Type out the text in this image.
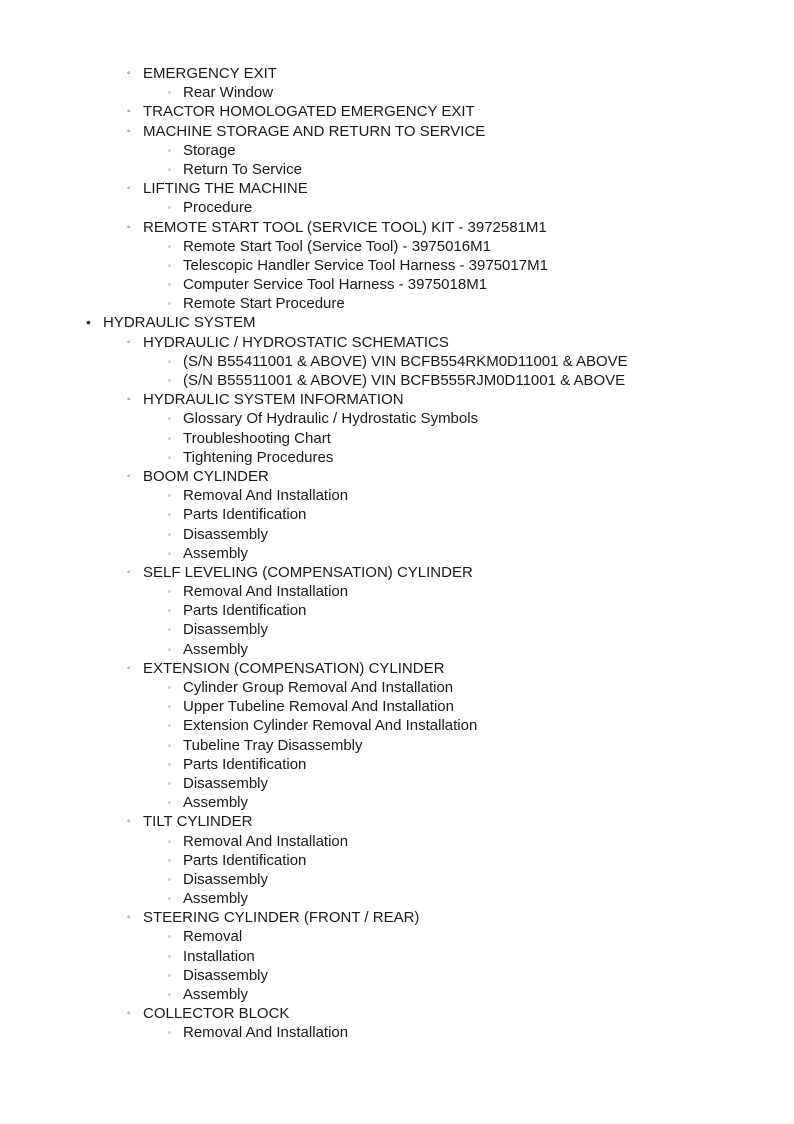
◦ EMERGENCY EXIT
◦ Rear Window
◦ TRACTOR HOMOLOGATED EMERGENCY EXIT
◦ MACHINE STORAGE AND RETURN TO SERVICE
◦ Storage
◦ Return To Service
◦ LIFTING THE MACHINE
◦ Procedure
◦ REMOTE START TOOL (SERVICE TOOL) KIT - 3972581M1
◦ Remote Start Tool (Service Tool) - 3975016M1
◦ Telescopic Handler Service Tool Harness - 3975017M1
◦ Computer Service Tool Harness - 3975018M1
◦ Remote Start Procedure
• HYDRAULIC SYSTEM
◦ HYDRAULIC / HYDROSTATIC SCHEMATICS
◦ (S/N B55411001 & ABOVE) VIN BCFB554RKM0D11001 & ABOVE
◦ (S/N B55511001 & ABOVE) VIN BCFB555RJM0D11001 & ABOVE
◦ HYDRAULIC SYSTEM INFORMATION
◦ Glossary Of Hydraulic / Hydrostatic Symbols
◦ Troubleshooting Chart
◦ Tightening Procedures
◦ BOOM CYLINDER
◦ Removal And Installation
◦ Parts Identification
◦ Disassembly
◦ Assembly
◦ SELF LEVELING (COMPENSATION) CYLINDER
◦ Removal And Installation
◦ Parts Identification
◦ Disassembly
◦ Assembly
◦ EXTENSION (COMPENSATION) CYLINDER
◦ Cylinder Group Removal And Installation
◦ Upper Tubeline Removal And Installation
◦ Extension Cylinder Removal And Installation
◦ Tubeline Tray Disassembly
◦ Parts Identification
◦ Disassembly
◦ Assembly
◦ TILT CYLINDER
◦ Removal And Installation
◦ Parts Identification
◦ Disassembly
◦ Assembly
◦ STEERING CYLINDER (FRONT / REAR)
◦ Removal
◦ Installation
◦ Disassembly
◦ Assembly
◦ COLLECTOR BLOCK
◦ Removal And Installation
